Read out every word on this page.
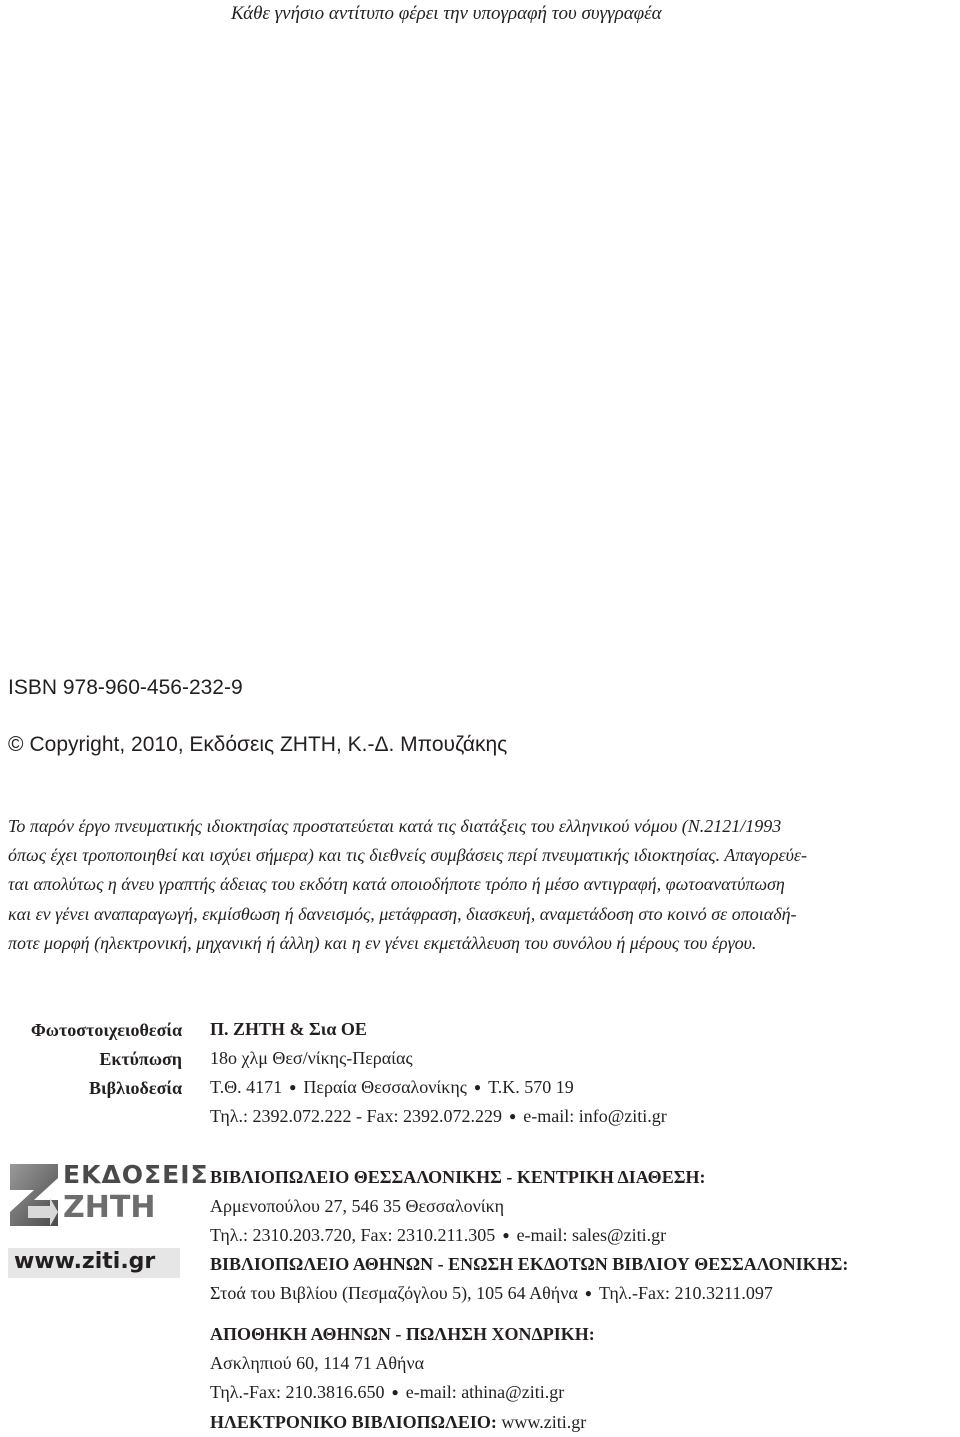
Κάθε γνήσιο αντίτυπο φέρει την υπογραφή του συγγραφέα
ISBN 978-960-456-232-9
© Copyright, 2010, Εκδόσεις ΖΗΤΗ, Κ.-Δ. Μπουζάκης
Το παρόν έργο πνευματικής ιδιοκτησίας προστατεύεται κατά τις διατάξεις του ελληνικού νόμου (Ν.2121/1993
όπως έχει τροποποιηθεί και ισχύει σήμερα) και τις διεθνείς συμβάσεις περί πνευματικής ιδιοκτησίας. Απαγορεύε-
ται απολύτως η άνευ γραπτής άδειας του εκδότη κατά οποιοδήποτε τρόπο ή μέσο αντιγραφή, φωτοανατύπωση
και εν γένει αναπαραγωγή, εκμίσθωση ή δανεισμός, μετάφραση, διασκευή, αναμετάδοση στο κοινό σε οποιαδή-
ποτε μορφή (ηλεκτρονική, μηχανική ή άλλη) και η εν γένει εκμετάλλευση του συνόλου ή μέρους του έργου.
Φωτοστοιχειοθεσία
Εκτύπωση
Βιβλιοδεσία
Π. ΖΗΤΗ & Σια ΟΕ
18ο χλμ Θεσ/νίκης-Περαίας
Τ.Θ. 4171 ● Περαία Θεσσαλονίκης ● Τ.Κ. 570 19
Τηλ.: 2392.072.222 - Fax: 2392.072.229 ● e-mail: info@ziti.gr
ΕΚΔΟΣΕΙΣ
ΖΗΤΗ
www.ziti.gr
ΒΙΒΛΙΟΠΩΛΕΙΟ ΘΕΣΣΑΛΟΝΙΚΗΣ - ΚΕΝΤΡΙΚΗ ΔΙΑΘΕΣΗ:
Αρμενοπούλου 27, 546 35 Θεσσαλονίκη
Τηλ.: 2310.203.720, Fax: 2310.211.305 ● e-mail: sales@ziti.gr
ΒΙΒΛΙΟΠΩΛΕΙΟ ΑΘΗΝΩΝ - ΕΝΩΣΗ ΕΚΔΟΤΩΝ ΒΙΒΛΙΟΥ ΘΕΣΣΑΛΟΝΙΚΗΣ:
Στοά του Βιβλίου (Πεσμαζόγλου 5), 105 64 Αθήνα ● Τηλ.-Fax: 210.3211.097
ΑΠΟΘΗΚΗ ΑΘΗΝΩΝ - ΠΩΛΗΣΗ ΧΟΝΔΡΙΚΗ:
Ασκληπιού 60, 114 71 Αθήνα
Τηλ.-Fax: 210.3816.650 ● e-mail: athina@ziti.gr
ΗΛΕΚΤΡΟΝΙΚΟ ΒΙΒΛΙΟΠΩΛΕΙΟ: www.ziti.gr
